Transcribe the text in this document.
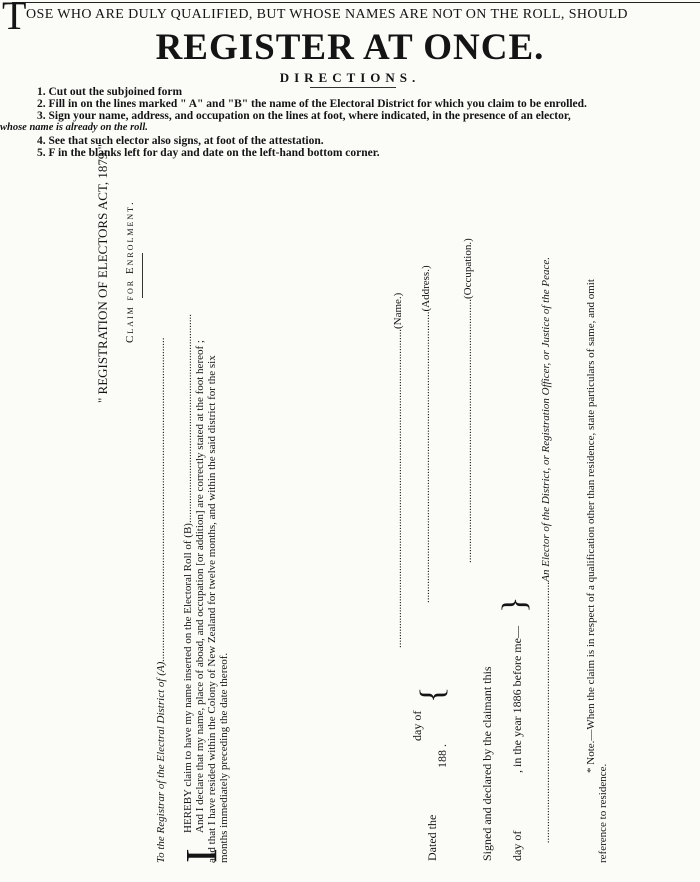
T OSE WHO ARE DULY QUALIFIED, BUT WHOSE NAMES ARE NOT ON THE ROLL, SHOULD
REGISTER AT ONCE.
DIRECTIONS.
1. Cut out the subjoined form
2. Fill in on the lines marked " A" and "B" the name of the Electoral District for which you claim to be enrolled.
3. Sign your name, address, and occupation on the lines at foot, where indicated, in the presence of an elector,
whose name is already on the roll.
4. See that such elector also signs, at foot of the attestation.
5. F in the blanks left for day and date on the left-hand bottom corner.
" REGISTRATION OF ELECTORS ACT, 1879." Claim for Enrolment.
To the Registrar of the Electral District of (A)......................................................................................................................
I
HEREBY claim to have my name inserted on the Electoral Roll of (B)............................................................................ And I declare that my name, place of aboad, and occupation [or addition] are correctly stated at the foot hereof ; and that I have resided within the Colony of New Zealand for twelve months, and within the said district for the six months immediately preceding the date thereof.
....................................................................................................................(Name.)
..........................................................................................................(Address.)
................................................................................................(Occupation.)
Dated the
{
day of
188 .	Signed and declared by the claimant this day of
, in the year 1886 before me—
} ...............................................................................................An Elector of the District, or Registration Officer, or Justice of the Peace.	* Note.—When the claim is in respect of a qualification other than residence, state particulars of same, and omit
reference to residence.
